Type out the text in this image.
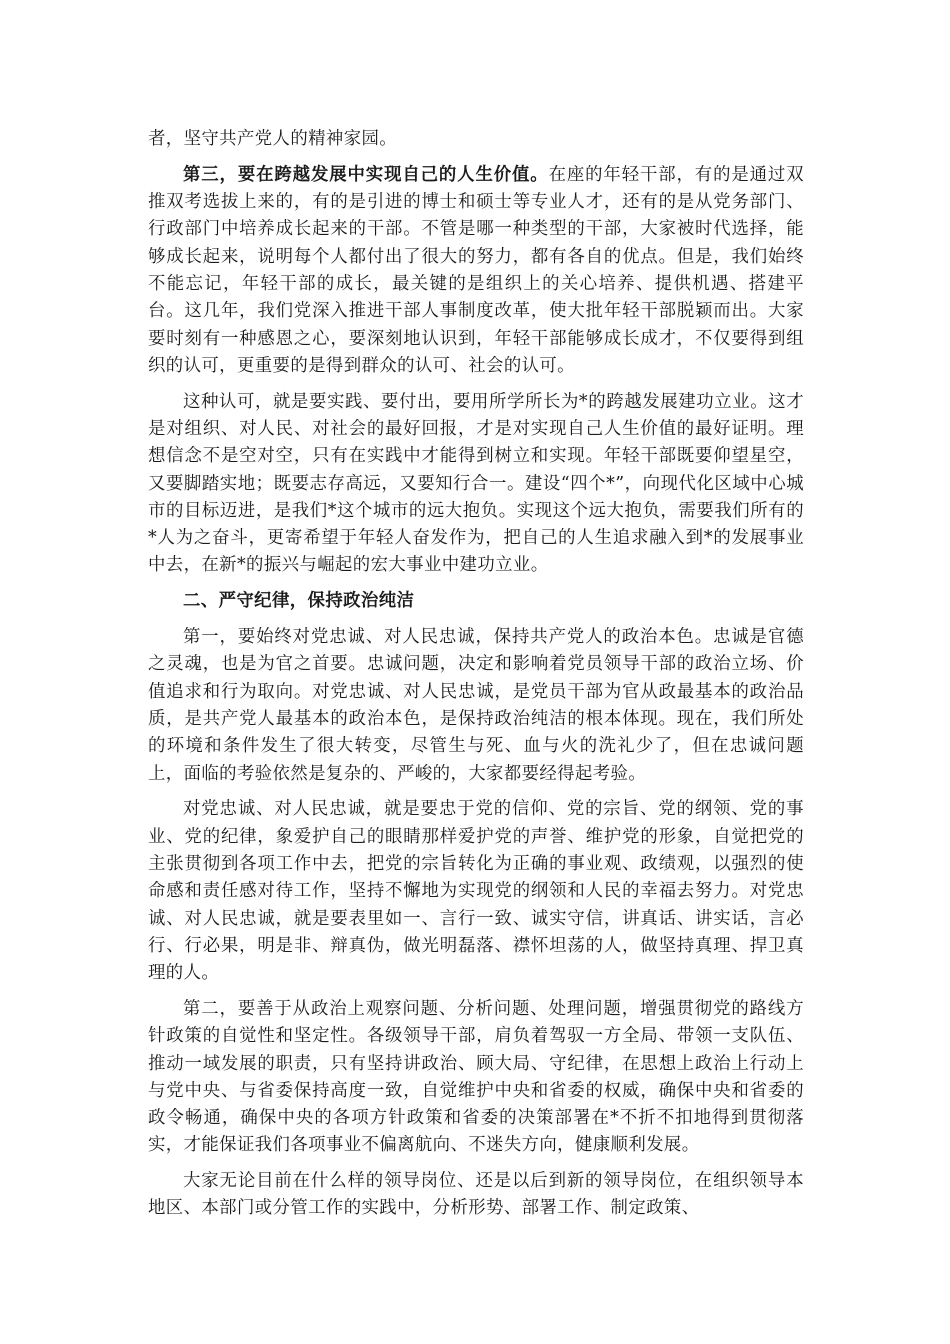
者，坚守共产党人的精神家园。

第三，要在跨越发展中实现自己的人生价值。在座的年轻干部，有的是通过双推双考选拔上来的，有的是引进的博士和硕士等专业人才，还有的是从党务部门、行政部门中培养成长起来的干部。不管是哪一种类型的干部，大家被时代选择，能够成长起来，说明每个人都付出了很大的努力，都有各自的优点。但是，我们始终不能忘记，年轻干部的成长，最关键的是组织上的关心培养、提供机遇、搭建平台。这几年，我们党深入推进干部人事制度改革，使大批年轻干部脱颖而出。大家要时刻有一种感恩之心，要深刻地认识到，年轻干部能够成长成才，不仅要得到组织的认可，更重要的是得到群众的认可、社会的认可。

这种认可，就是要实践、要付出，要用所学所长为*的跨越发展建功立业。这才是对组织、对人民、对社会的最好回报，才是对实现自己人生价值的最好证明。理想信念不是空对空，只有在实践中才能得到树立和实现。年轻干部既要仰望星空，又要脚踏实地；既要志存高远，又要知行合一。建设“四个*”，向现代化区域中心城市的目标迈进，是我们*这个城市的远大抱负。实现这个远大抱负，需要我们所有的*人为之奋斗，更寄希望于年轻人奋发作为，把自己的人生追求融入到*的发展事业中去，在新*的振兴与崛起的宏大事业中建功立业。

二、严守纪律，保持政治纯洁

第一，要始终对党忠诚、对人民忠诚，保持共产党人的政治本色。忠诚是官德之灵魂，也是为官之首要。忠诚问题，决定和影响着党员领导干部的政治立场、价值追求和行为取向。对党忠诚、对人民忠诚，是党员干部为官从政最基本的政治品质，是共产党人最基本的政治本色，是保持政治纯洁的根本体现。现在，我们所处的环境和条件发生了很大转变，尽管生与死、血与火的洗礼少了，但在忠诚问题上，面临的考验依然是复杂的、严峻的，大家都要经得起考验。

对党忠诚、对人民忠诚，就是要忠于党的信仰、党的宗旨、党的纲领、党的事业、党的纪律，象爱护自己的眼睛那样爱护党的声誉、维护党的形象，自觉把党的主张贯彻到各项工作中去，把党的宗旨转化为正确的事业观、政绩观，以强烈的使命感和责任感对待工作，坚持不懈地为实现党的纲领和人民的幸福去努力。对党忠诚、对人民忠诚，就是要表里如一、言行一致、诚实守信，讲真话、讲实话，言必行、行必果，明是非、辩真伪，做光明磊落、襟怀坦荡的人，做坚持真理、捍卫真理的人。

第二，要善于从政治上观察问题、分析问题、处理问题，增强贯彻党的路线方针政策的自觉性和坚定性。各级领导干部，肩负着驾驭一方全局、带领一支队伍、推动一域发展的职责，只有坚持讲政治、顾大局、守纪律，在思想上政治上行动上与党中央、与省委保持高度一致，自觉维护中央和省委的权威，确保中央和省委的政令畅通，确保中央的各项方针政策和省委的决策部署在*不折不扣地得到贯彻落实，才能保证我们各项事业不偏离航向、不迷失方向，健康顺利发展。

大家无论目前在什么样的领导岗位、还是以后到新的领导岗位，在组织领导本地区、本部门或分管工作的实践中，分析形势、部署工作、制定政策、
